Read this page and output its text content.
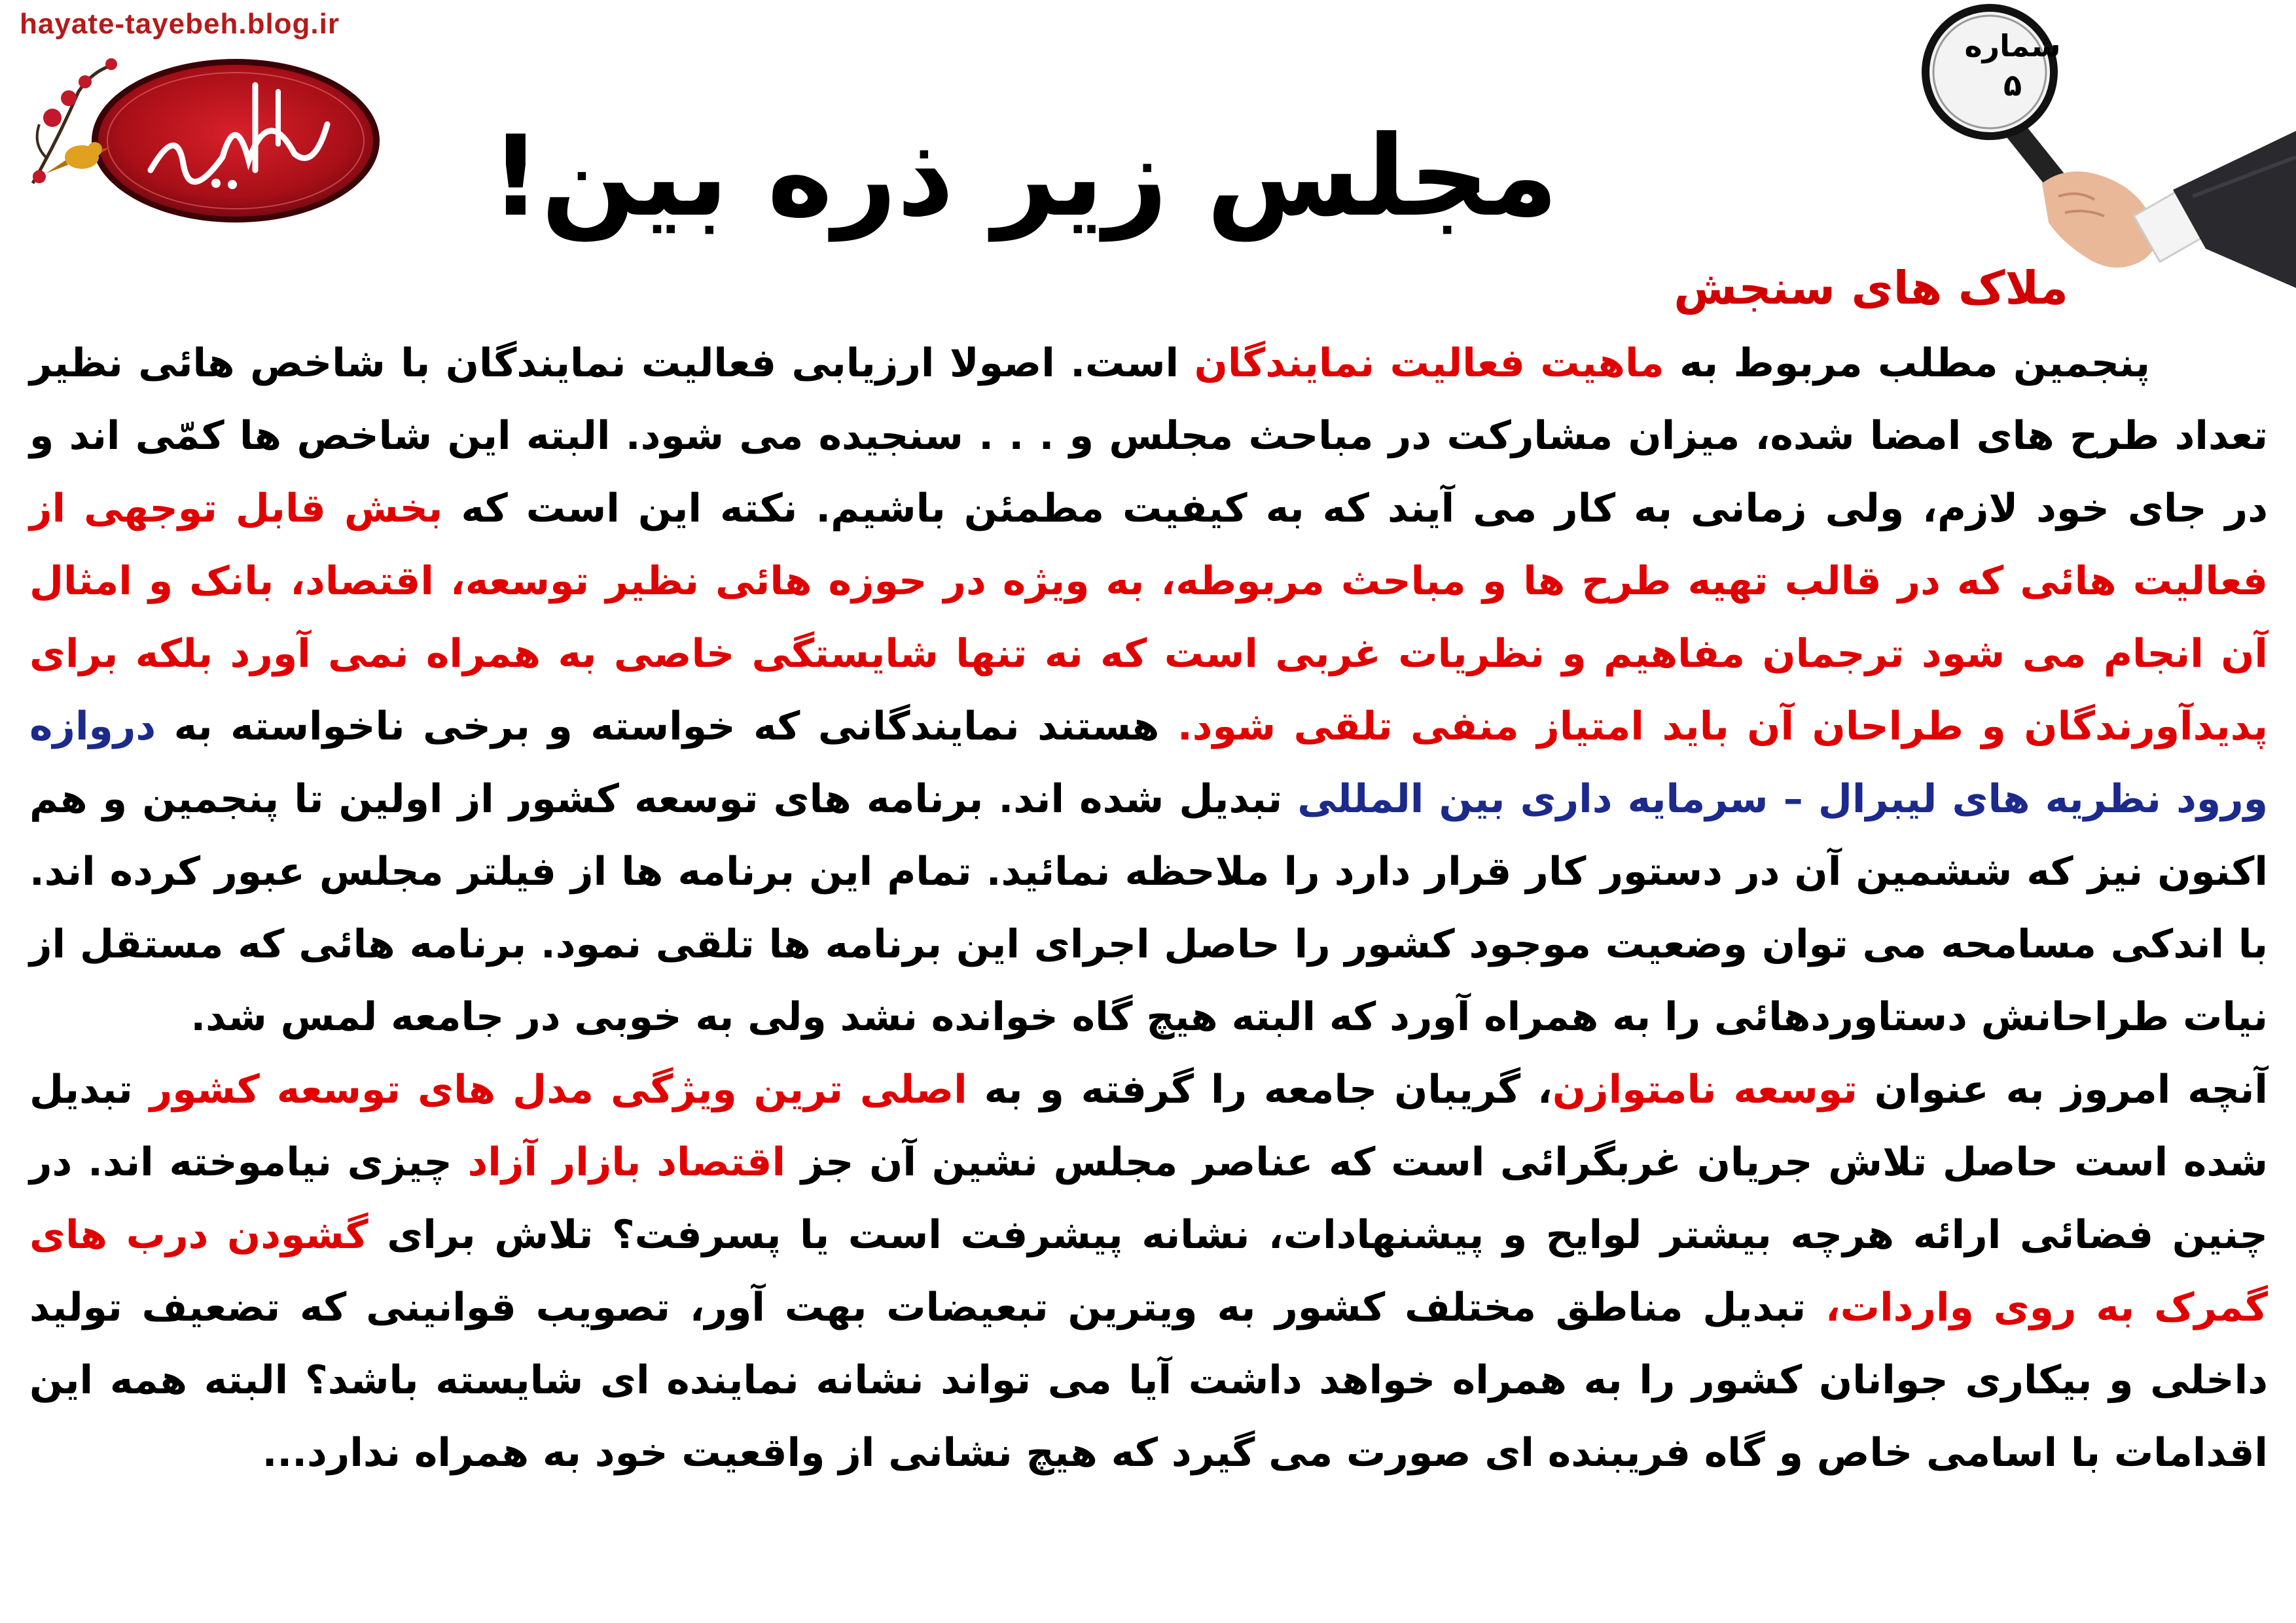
hayate-tayebeh.blog.ir
مجلس زیر ذره بین!
شماره
۵
ملاک های سنجش

پنجمین مطلب مربوط به ماهیت فعالیت نمایندگان است. اصولا ارزیابی فعالیت نمایندگان با شاخص هائی نظیر تعداد طرح های امضا شده، میزان مشارکت در مباحث مجلس و . . . سنجیده می شود. البته این شاخص ها کمّی اند و در جای خود لازم، ولی زمانی به کار می آیند که به کیفیت مطمئن باشیم. نکته این است که بخش قابل توجهی از فعالیت هائی که در قالب تهیه طرح ها و مباحث مربوطه، به ویژه در حوزه هائی نظیر توسعه، اقتصاد، بانک و امثال آن انجام می شود ترجمان مفاهیم و نظریات غربی است که نه تنها شایستگی خاصی به همراه نمی آورد بلکه برای پدیدآورندگان و طراحان آن باید امتیاز منفی تلقی شود. هستند نمایندگانی که خواسته و برخی ناخواسته به دروازه ورود نظریه های لیبرال – سرمایه داری بین المللی تبدیل شده اند. برنامه های توسعه کشور از اولین تا پنجمین و هم اکنون نیز که ششمین آن در دستور کار قرار دارد را ملاحظه نمائید. تمام این برنامه ها از فیلتر مجلس عبور کرده اند. با اندکی مسامحه می توان وضعیت موجود کشور را حاصل اجرای این برنامه ها تلقی نمود. برنامه هائی که مستقل از نیات طراحانش دستاوردهائی را به همراه آورد که البته هیچ گاه خوانده نشد ولی به خوبی در جامعه لمس شد.

آنچه امروز به عنوان توسعه نامتوازن، گریبان جامعه را گرفته و به اصلی ترین ویژگی مدل های توسعه کشور تبدیل شده است حاصل تلاش جریان غربگرائی است که عناصر مجلس نشین آن جز اقتصاد بازار آزاد چیزی نیاموخته اند. در چنین فضائی ارائه هرچه بیشتر لوایح و پیشنهادات، نشانه پیشرفت است یا پسرفت؟ تلاش برای گشودن درب های گمرک به روی واردات، تبدیل مناطق مختلف کشور به ویترین تبعیضات بهت آور، تصویب قوانینی که تضعیف تولید داخلی و بیکاری جوانان کشور را به همراه خواهد داشت آیا می تواند نشانه نماینده ای شایسته باشد؟ البته همه این اقدامات با اسامی خاص و گاه فریبنده ای صورت می گیرد که هیچ نشانی از واقعیت خود به همراه ندارد...
